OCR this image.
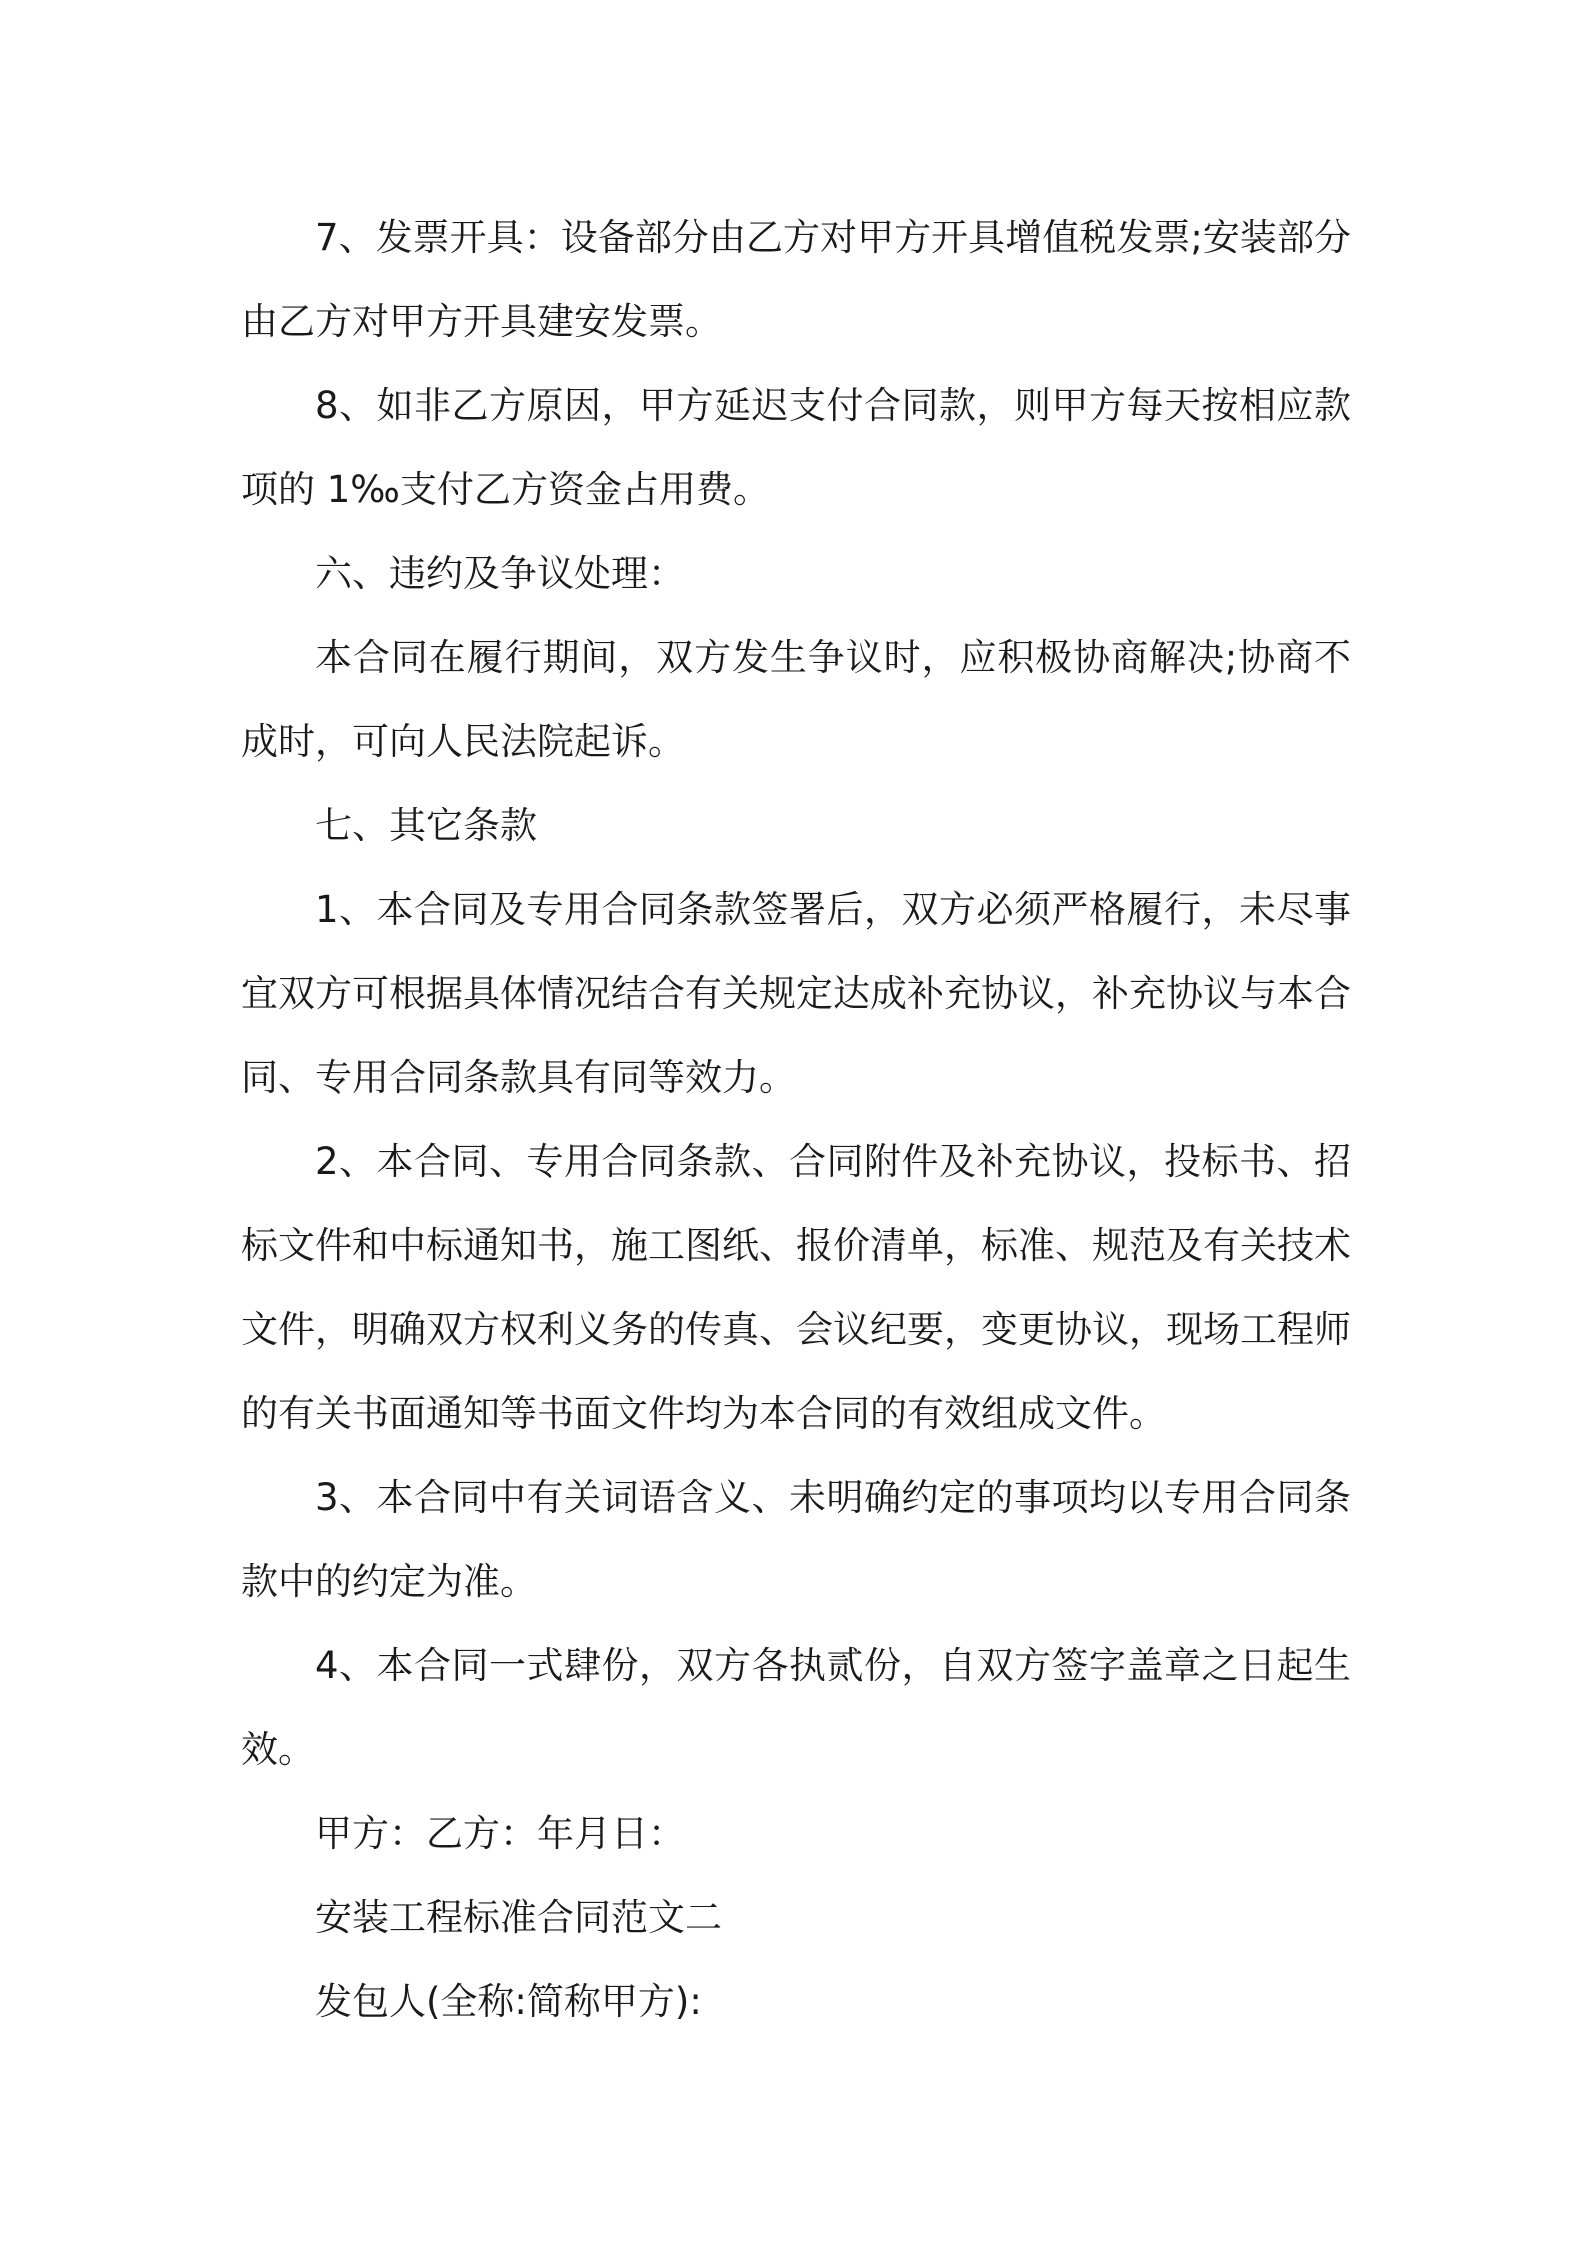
7、发票开具：设备部分由乙方对甲方开具增值税发票;安装部分由乙方对甲方开具建安发票。

8、如非乙方原因，甲方延迟支付合同款，则甲方每天按相应款项的 1‰支付乙方资金占用费。

六、违约及争议处理：

本合同在履行期间，双方发生争议时，应积极协商解决;协商不成时，可向人民法院起诉。

七、其它条款

1、本合同及专用合同条款签署后，双方必须严格履行，未尽事宜双方可根据具体情况结合有关规定达成补充协议，补充协议与本合同、专用合同条款具有同等效力。

2、本合同、专用合同条款、合同附件及补充协议，投标书、招标文件和中标通知书，施工图纸、报价清单，标准、规范及有关技术文件，明确双方权利义务的传真、会议纪要，变更协议，现场工程师的有关书面通知等书面文件均为本合同的有效组成文件。

3、本合同中有关词语含义、未明确约定的事项均以专用合同条款中的约定为准。

4、本合同一式肆份，双方各执贰份，自双方签字盖章之日起生效。

甲方：乙方：年月日：

安装工程标准合同范文二

发包人(全称:简称甲方):
